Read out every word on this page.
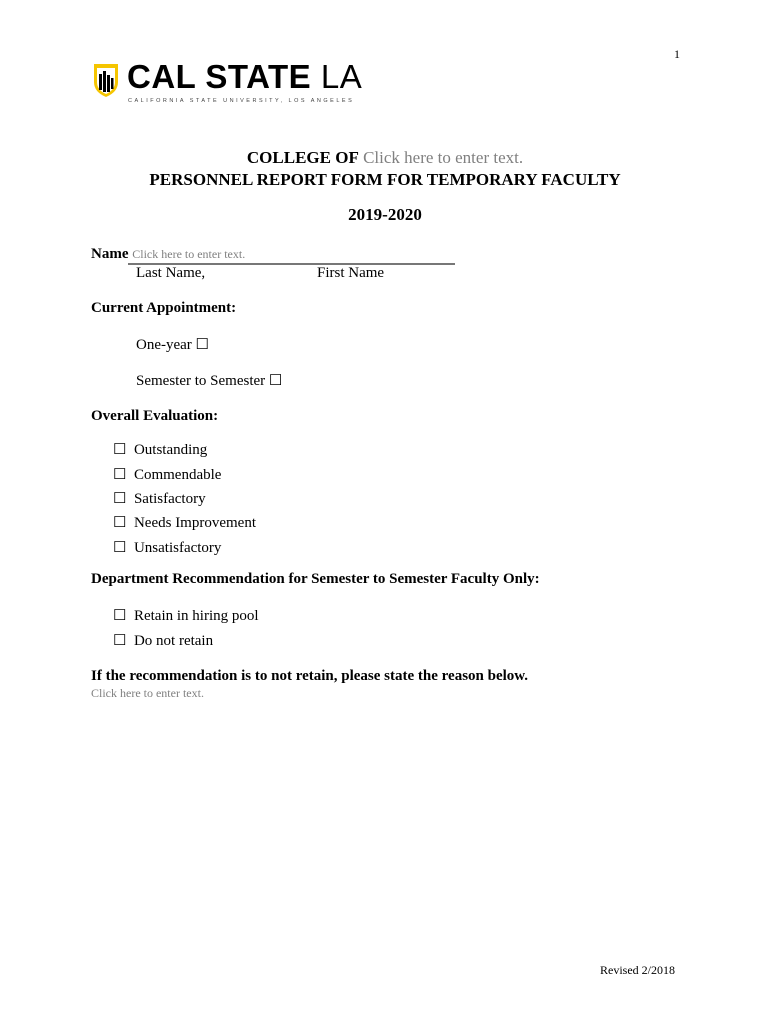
1
CAL STATE LA
CALIFORNIA STATE UNIVERSITY, LOS ANGELES
COLLEGE OF Click here to enter text.
PERSONNEL REPORT FORM FOR TEMPORARY FACULTY
2019-2020
Name Click here to enter text.
Last Name,	First Name
Current Appointment:
One-year ☐
Semester to Semester ☐
Overall Evaluation:
☐ Outstanding
☐ Commendable
☐ Satisfactory
☐ Needs Improvement
☐ Unsatisfactory
Department Recommendation for Semester to Semester Faculty Only:
☐ Retain in hiring pool
☐ Do not retain
If the recommendation is to not retain, please state the reason below.
Click here to enter text.
Revised 2/2018
